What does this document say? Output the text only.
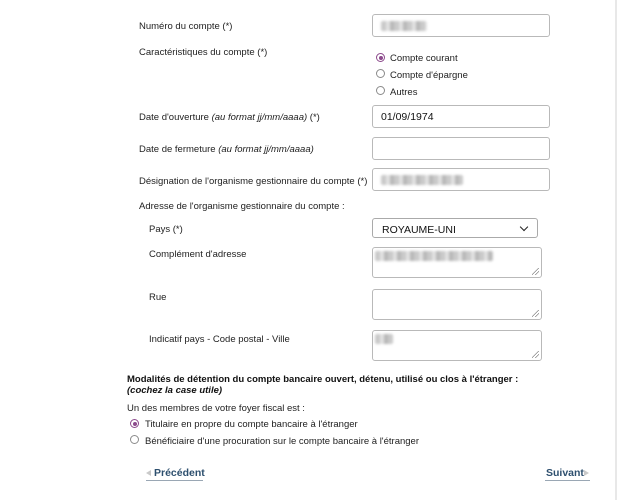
Numéro du compte (*)
Caractéristiques du compte (*)
Compte courant
Compte d'épargne
Autres
Date d'ouverture (au format jj/mm/aaaa) (*)	01/09/1974
Date de fermeture (au format jj/mm/aaaa)
Désignation de l'organisme gestionnaire du compte (*)
Adresse de l'organisme gestionnaire du compte :
Pays (*)	ROYAUME-UNI
Complément d'adresse
Rue
Indicatif pays - Code postal - Ville
Modalités de détention du compte bancaire ouvert, détenu, utilisé ou clos à l'étranger :
(cochez la case utile)
Un des membres de votre foyer fiscal est :
Titulaire en propre du compte bancaire à l'étranger
Bénéficiaire d'une procuration sur le compte bancaire à l'étranger
Précédent	Suivant
